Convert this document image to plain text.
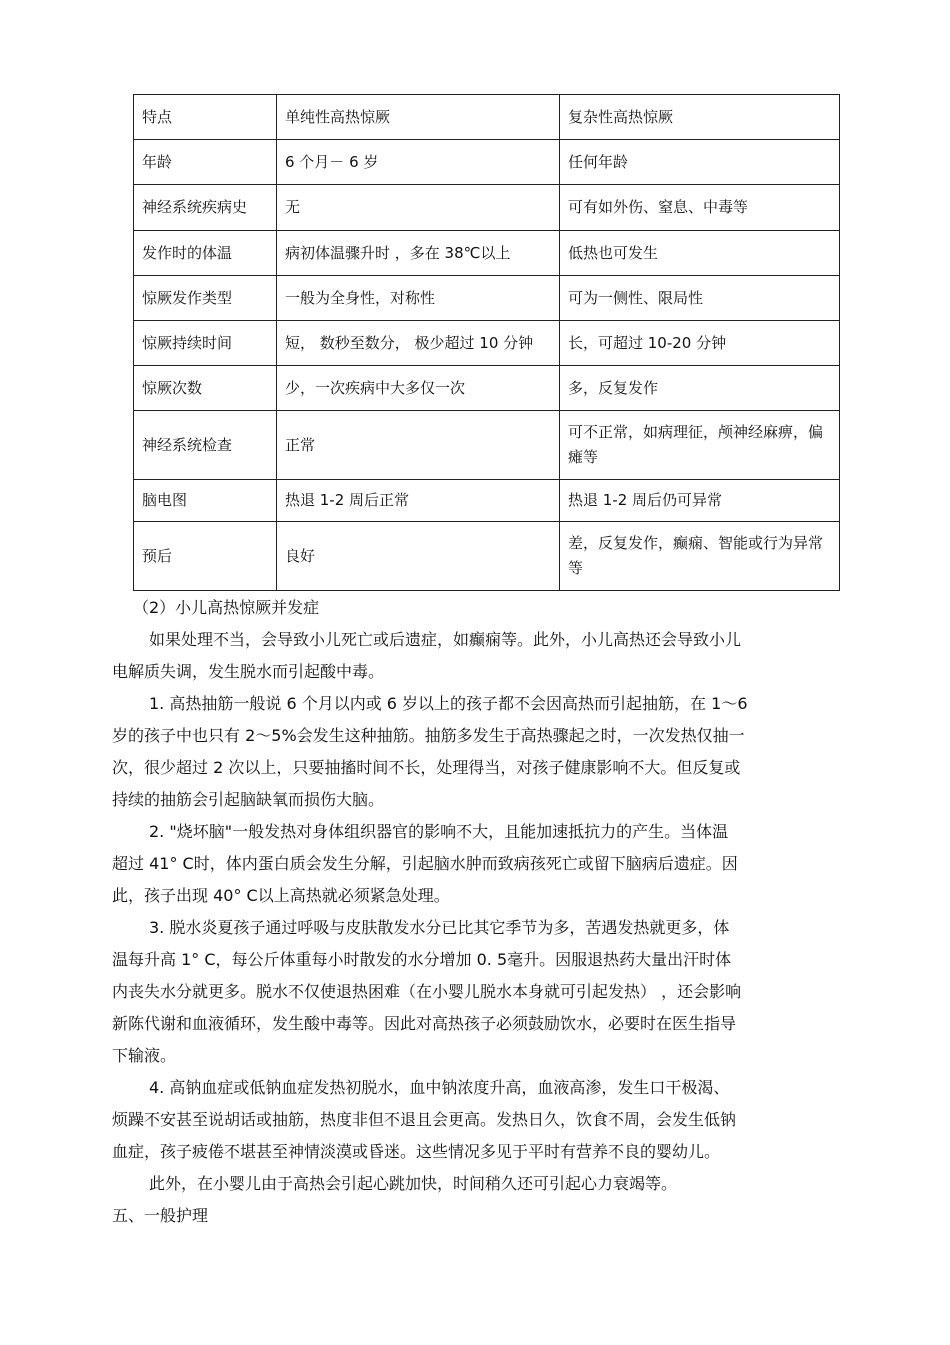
特点	单纯性高热惊厥	复杂性高热惊厥
年龄	6 个月－ 6 岁	任何年龄
神经系统疾病史	无	可有如外伤、窒息、中毒等
发作时的体温	病初体温骤升时 ，多在 38℃以上	低热也可发生
惊厥发作类型	一般为全身性，对称性	可为一侧性、限局性
惊厥持续时间	短， 数秒至数分， 极少超过 10 分钟	长，可超过 10-20 分钟
惊厥次数	少，一次疾病中大多仅一次	多，反复发作
神经系统检查	正常	可不正常，如病理征，颅神经麻痹，偏瘫等
脑电图	热退 1-2 周后正常	热退 1-2 周后仍可异常
预后	良好	差，反复发作，癫痫、智能或行为异常等
（2）小儿高热惊厥并发症
如果处理不当，会导致小儿死亡或后遗症，如癫痫等。此外，小儿高热还会导致小儿
电解质失调，发生脱水而引起酸中毒。
1. 高热抽筋一般说 6 个月以内或 6 岁以上的孩子都不会因高热而引起抽筋，在 1～6
岁的孩子中也只有 2～5%会发生这种抽筋。抽筋多发生于高热骤起之时，一次发热仅抽一
次，很少超过 2 次以上，只要抽搐时间不长，处理得当，对孩子健康影响不大。但反复或
持续的抽筋会引起脑缺氧而损伤大脑。
2. "烧坏脑"一般发热对身体组织器官的影响不大，且能加速抵抗力的产生。当体温
超过 41° C时，体内蛋白质会发生分解，引起脑水肿而致病孩死亡或留下脑病后遗症。因
此，孩子出现 40° C以上高热就必须紧急处理。
3. 脱水炎夏孩子通过呼吸与皮肤散发水分已比其它季节为多，苦遇发热就更多，体
温每升高 1° C，每公斤体重每小时散发的水分增加 0. 5毫升。因服退热药大量出汗时体
内丧失水分就更多。脱水不仅使退热困难（在小婴儿脱水本身就可引起发热） ，还会影响
新陈代谢和血液循环，发生酸中毒等。因此对高热孩子必须鼓励饮水，必要时在医生指导
下输液。
4. 高钠血症或低钠血症发热初脱水，血中钠浓度升高，血液高渗，发生口干极渴、
烦躁不安甚至说胡话或抽筋，热度非但不退且会更高。发热日久，饮食不周，会发生低钠
血症，孩子疲倦不堪甚至神情淡漠或昏迷。这些情况多见于平时有营养不良的婴幼儿。
此外，在小婴儿由于高热会引起心跳加快，时间稍久还可引起心力衰竭等。
五、一般护理
